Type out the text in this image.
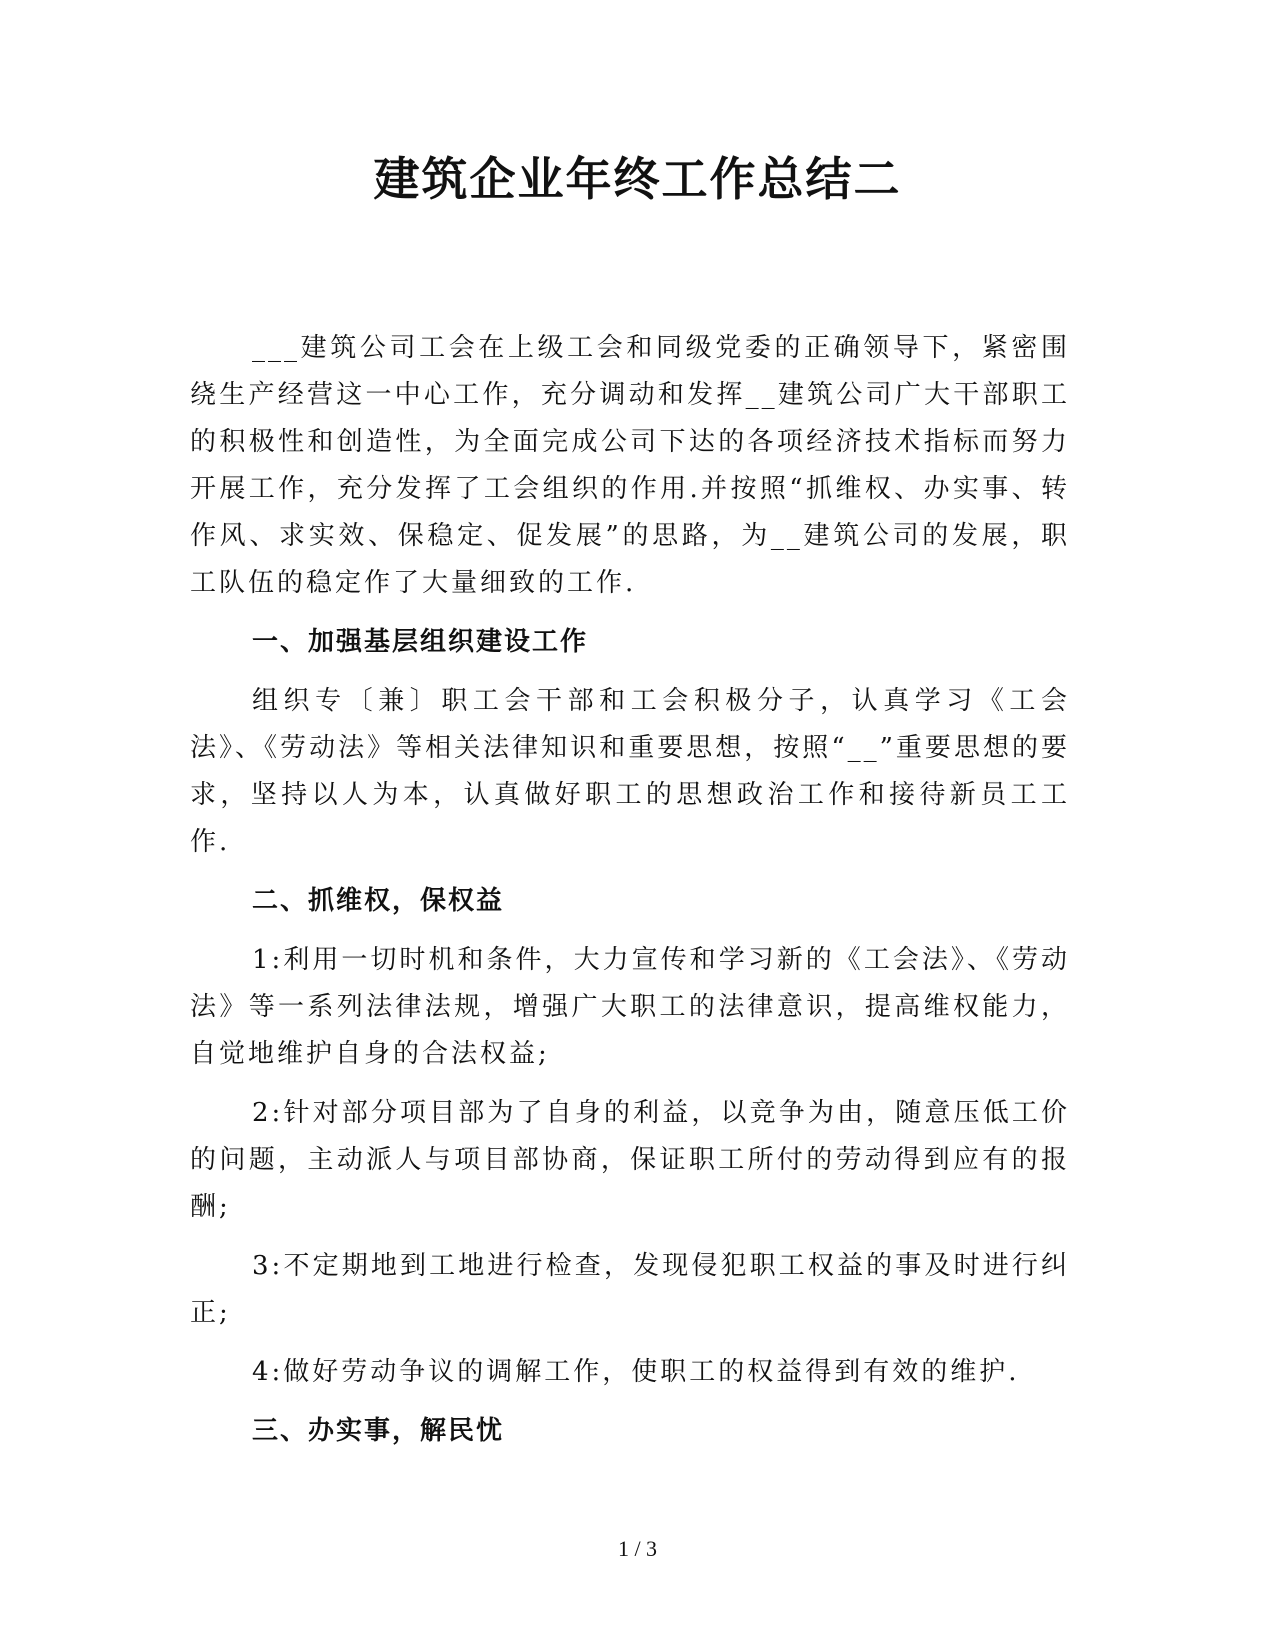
建筑企业年终工作总结二

___建筑公司工会在上级工会和同级党委的正确领导下，紧密围绕生产经营这一中心工作，充分调动和发挥__建筑公司广大干部职工的积极性和创造性，为全面完成公司下达的各项经济技术指标而努力开展工作，充分发挥了工会组织的作用.并按照“抓维权、办实事、转作风、求实效、保稳定、促发展”的思路，为__建筑公司的发展，职工队伍的稳定作了大量细致的工作.

一、加强基层组织建设工作

组织专〔兼〕职工会干部和工会积极分子，认真学习《工会法》、《劳动法》等相关法律知识和重要思想，按照“__”重要思想的要求，坚持以人为本，认真做好职工的思想政治工作和接待新员工工作.

二、抓维权，保权益

1:利用一切时机和条件，大力宣传和学习新的《工会法》、《劳动法》等一系列法律法规，增强广大职工的法律意识，提高维权能力，自觉地维护自身的合法权益;

2:针对部分项目部为了自身的利益，以竞争为由，随意压低工价的问题，主动派人与项目部协商，保证职工所付的劳动得到应有的报酬;

3:不定期地到工地进行检查，发现侵犯职工权益的事及时进行纠正;

4:做好劳动争议的调解工作，使职工的权益得到有效的维护.

三、办实事，解民忧

1 / 3
